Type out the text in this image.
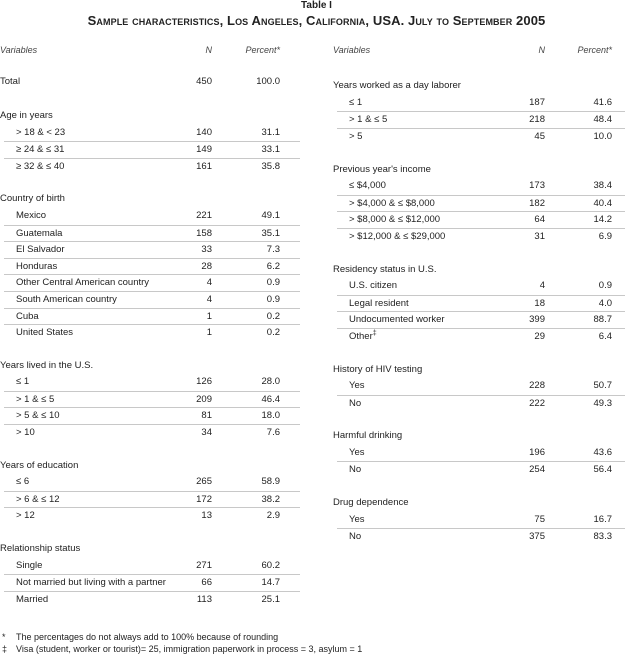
Table I
Sample characteristics, Los Angeles, California, USA. July to September 2005
Variables	N	Percent*
Total	450	100.0
Age in years
> 18 & < 23	140	31.1
≥ 24 & ≤ 31	149	33.1
≥ 32 & ≤ 40	161	35.8
Country of birth
Mexico	221	49.1
Guatemala	158	35.1
El Salvador	33	7.3
Honduras	28	6.2
Other Central American country	4	0.9
South American country	4	0.9
Cuba	1	0.2
United States	1	0.2
Years lived in the U.S.
≤ 1	126	28.0
> 1 & ≤ 5	209	46.4
> 5 & ≤ 10	81	18.0
> 10	34	7.6
Years of education
≤ 6	265	58.9
> 6 & ≤ 12	172	38.2
> 12	13	2.9
Relationship status
Single	271	60.2
Not married but living with a partner	66	14.7
Married	113	25.1
Variables	N	Percent*
Years worked as a day laborer
≤ 1	187	41.6
> 1 & ≤ 5	218	48.4
> 5	45	10.0
Previous year's income
≤ $4,000	173	38.4
> $4,000 & ≤ $8,000	182	40.4
> $8,000 & ≤ $12,000	64	14.2
> $12,000 & ≤ $29,000	31	6.9
Residency status in U.S.
U.S. citizen	4	0.9
Legal resident	18	4.0
Undocumented worker	399	88.7
Other‡	29	6.4
History of HIV testing
Yes	228	50.7
No	222	49.3
Harmful drinking
Yes	196	43.6
No	254	56.4
Drug dependence
Yes	75	16.7
No	375	83.3
* The percentages do not always add to 100% because of rounding
‡ Visa (student, worker or tourist)= 25, immigration paperwork in process = 3, asylum = 1
